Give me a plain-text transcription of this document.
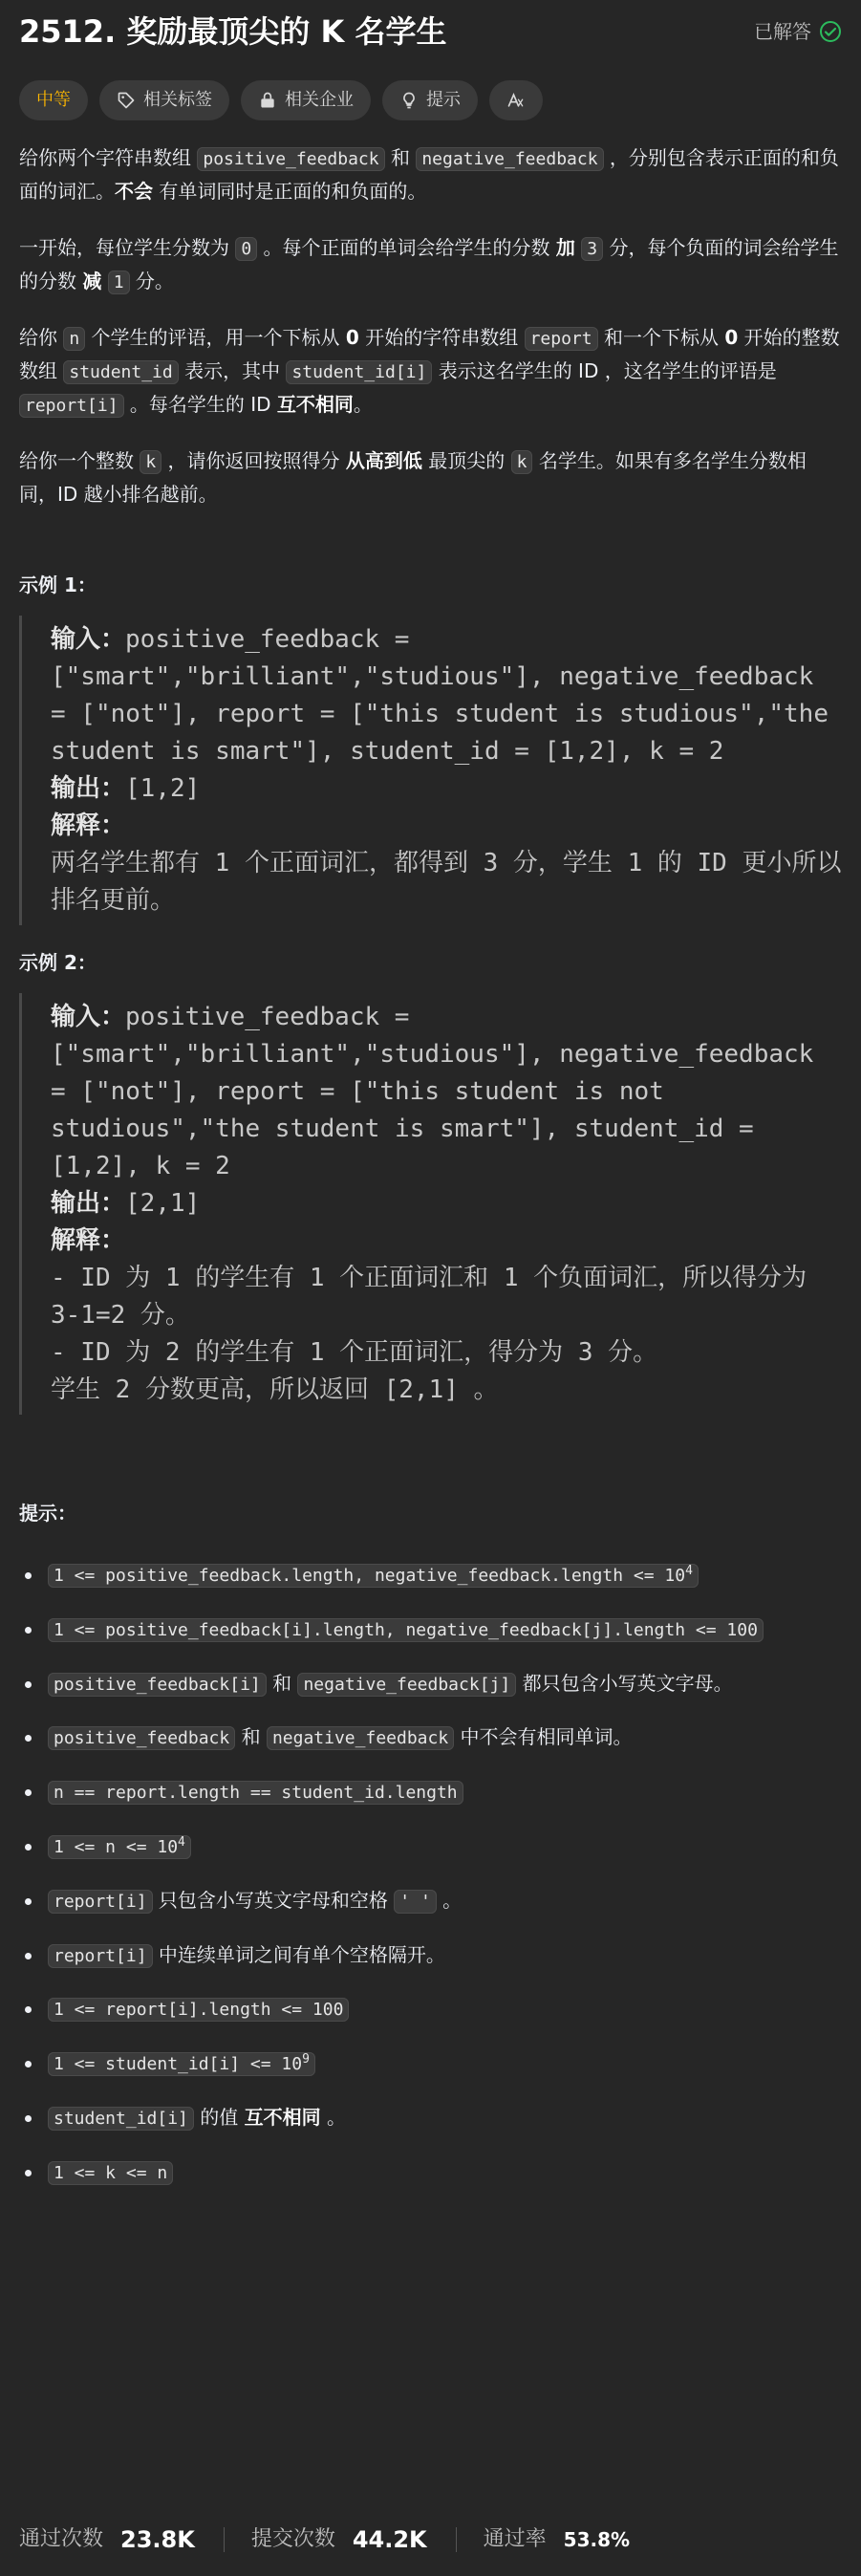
2512. 奖励最顶尖的 K 名学生	已解答
中等	相关标签	相关企业	提示

给你两个字符串数组 positive_feedback 和 negative_feedback ，分别包含表示正面的和负面的词汇。不会 有单词同时是正面的和负面的。

一开始，每位学生分数为 0 。每个正面的单词会给学生的分数 加 3 分，每个负面的词会给学生的分数 减 1 分。

给你 n 个学生的评语，用一个下标从 0 开始的字符串数组 report 和一个下标从 0 开始的整数数组 student_id 表示，其中 student_id[i] 表示这名学生的 ID ，这名学生的评语是 report[i] 。每名学生的 ID 互不相同。

给你一个整数 k ，请你返回按照得分 从高到低 最顶尖的 k 名学生。如果有多名学生分数相同，ID 越小排名越前。

示例 1：

输入：positive_feedback = ["smart","brilliant","studious"], negative_feedback = ["not"], report = ["this student is studious","the student is smart"], student_id = [1,2], k = 2
输出：[1,2]
解释：
两名学生都有 1 个正面词汇，都得到 3 分，学生 1 的 ID 更小所以排名更前。

示例 2：

输入：positive_feedback = ["smart","brilliant","studious"], negative_feedback = ["not"], report = ["this student is not studious","the student is smart"], student_id = [1,2], k = 2
输出：[2,1]
解释：
- ID 为 1 的学生有 1 个正面词汇和 1 个负面词汇，所以得分为 3-1=2 分。
- ID 为 2 的学生有 1 个正面词汇，得分为 3 分。
学生 2 分数更高，所以返回 [2,1] 。

提示：

1 <= positive_feedback.length, negative_feedback.length <= $10^4$
1 <= positive_feedback[i].length, negative_feedback[j].length <= 100
positive_feedback[i] 和 negative_feedback[j] 都只包含小写英文字母。
positive_feedback 和 negative_feedback 中不会有相同单词。
n == report.length == student_id.length
$1 <= n <= 10^4$
report[i] 只包含小写英文字母和空格 ' ' 。
report[i] 中连续单词之间有单个空格隔开。
1 <= report[i].length <= 100
1 <= student_id[i] <= $10^9$
student_id[i] 的值 互不相同 。
1 <= k <= n
通过次数 23.8K	提交次数 44.2K	通过率 53.8%
